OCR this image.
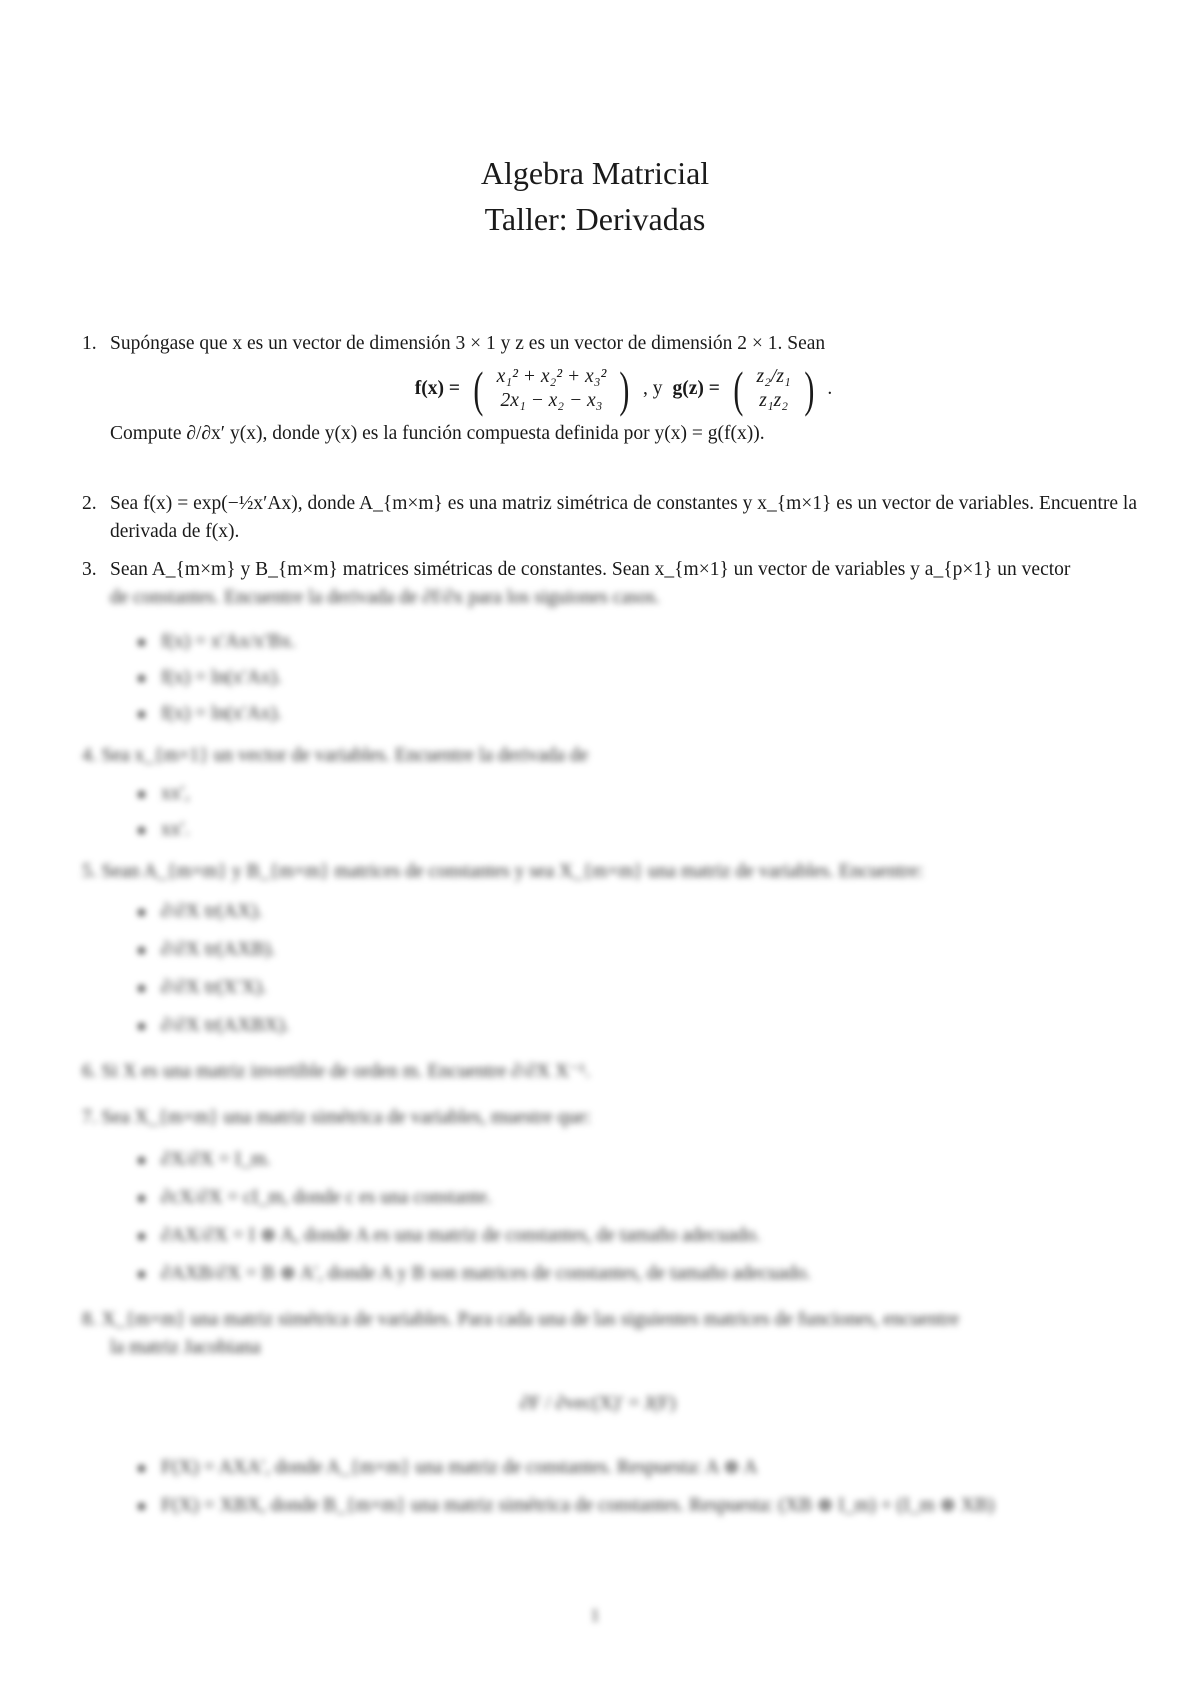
Algebra Matricial
Taller: Derivadas
1. Supóngase que x es un vector de dimensión 3 × 1 y z es un vector de dimensión 2 × 1. Sean
f(x) = ( x₁² + x₂² + x₃²
2x₁ − x₂ − x₃ ) , y g(z) = ( z₂/z₁
z₁z₂ ) .
Compute ∂/∂x′ y(x), donde y(x) es la función compuesta definida por y(x) = g(f(x)).
2. Sea f(x) = exp(−½x′Ax), donde A_{m×m} es una matriz simétrica de constantes y x_{m×1} es un vector de variables. Encuentre la derivada de f(x).
3. Sean A_{m×m} y B_{m×m} matrices simétricas de constantes. Sean x_{m×1} un vector de variables y a_{p×1} un vector
de constantes. Encuentre la derivada de ∂f/∂x para los siguiones casos.
f(x) = x′Ax/x′Bx.
f(x) = ln(x′Ax).
f(x) = ln(x′Ax).
4. Sea x_{m×1} un vector de variables. Encuentre la derivada de
xx′,
xx′.
5. Sean A_{m×m} y B_{m×m} matrices de constantes y sea X_{m×m} una matriz de variables. Encuentre:
∂/∂X tr(AX).
∂/∂X tr(AXB).
∂/∂X tr(X′X).
∂/∂X tr(AXBX).
6. Si X es una matriz invertible de orden m. Encuentre ∂/∂X X⁻¹.
7. Sea X_{m×m} una matriz simétrica de variables, muestre que:
∂X/∂X = I_m.
∂cX/∂X = cI_m, donde c es una constante.
∂AX/∂X = I ⊗ A, donde A es una matriz de constantes, de tamaño adecuado.
∂AXB/∂X = B ⊗ A′, donde A y B son matrices de constantes, de tamaño adecuado.
8. X_{m×m} una matriz simétrica de variables. Para cada una de las siguientes matrices de funciones, encuentre
la matriz Jacobiana
∂F / ∂vec(X)′ = J(F)
F(X) = AXA′, donde A_{m×m} una matriz de constantes. Respuesta: A ⊗ A
F(X) = XBX, donde B_{m×m} una matriz simétrica de constantes. Respuesta: (XB ⊗ I_m) + (I_m ⊗ XB)
1
